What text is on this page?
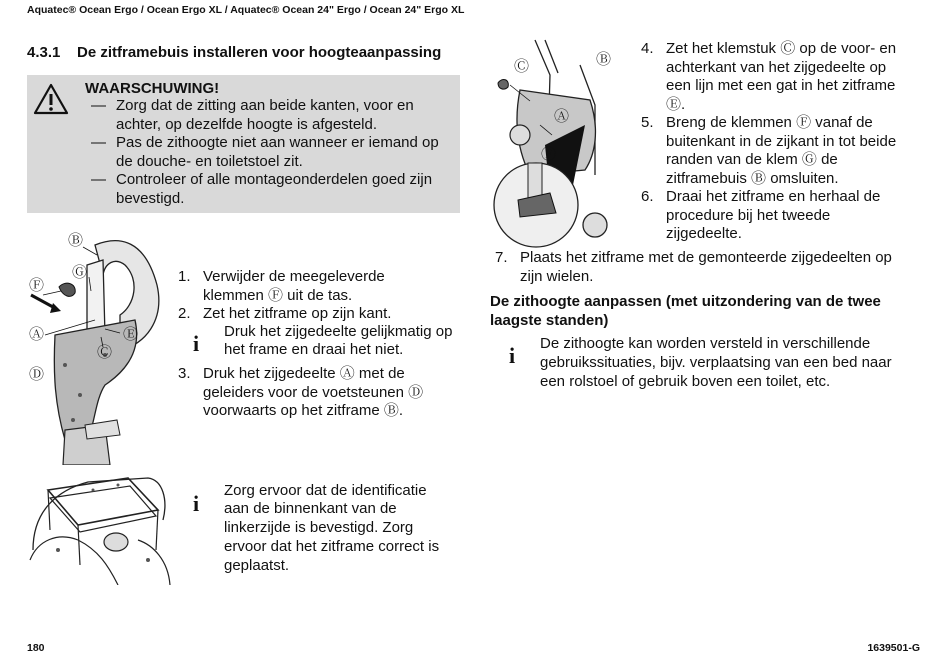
Aquatec® Ocean Ergo / Ocean Ergo XL / Aquatec® Ocean 24" Ergo / Ocean 24" Ergo XL
4.3.1 De zitframebuis installeren voor hoogteaanpassing
WAARSCHUWING!
— Zorg dat de zitting aan beide kanten, voor en achter, op dezelfde hoogte is afgesteld.
— Pas de zithoogte niet aan wanneer er iemand op de douche- en toiletstoel zit.
— Controleer of alle montageonderdelen goed zijn bevestigd.
Ⓑ
Ⓖ
Ⓕ
Ⓐ	Ⓔ
Ⓒ
Ⓓ
1. Verwijder de meegeleverde
klemmen Ⓕ uit de tas.
2. Zet het zitframe op zijn kant.
i Druk het zijgedeelte gelijkmatig op
het frame en draai het niet.
3. Druk het zijgedeelte Ⓐ met de
geleiders voor de voetsteunen Ⓓ
voorwaarts op het zitframe Ⓑ.
i
Zorg ervoor dat de identificatie
aan de binnenkant van de
linkerzijde is bevestigd. Zorg
ervoor dat het zitframe correct is
geplaatst.
Ⓒ	Ⓑ
Ⓐ
Ⓕ
4. Zet het klemstuk Ⓒ op de voor- en
achterkant van het zijgedeelte op
een lijn met een gat in het zitframe
Ⓔ.
5. Breng de klemmen Ⓕ vanaf de
buitenkant in de zijkant in tot beide
randen van de klem Ⓖ de
zitframebuis Ⓑ omsluiten.
6. Draai het zitframe en herhaal de
procedure bij het tweede
zijgedeelte.
7. Plaats het zitframe met de gemonteerde zijgedeelten op
zijn wielen.
De zithoogte aanpassen (met uitzondering van de twee laagste standen)
i De zithoogte kan worden versteld in verschillende
gebruikssituaties, bijv. verplaatsing van een bed naar
een rolstoel of gebruik boven een toilet, etc.
180	1639501-G
